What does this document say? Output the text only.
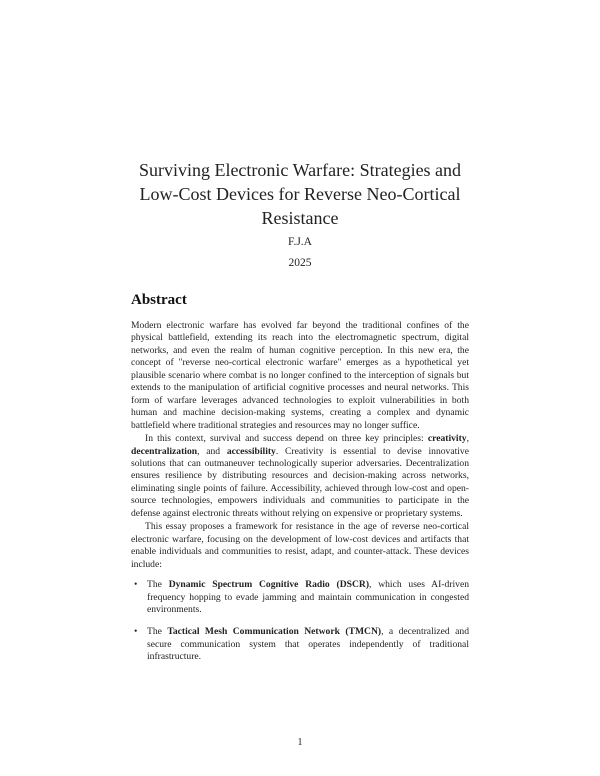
Surviving Electronic Warfare: Strategies and Low-Cost Devices for Reverse Neo-Cortical Resistance
F.J.A
2025
Abstract

Modern electronic warfare has evolved far beyond the traditional confines of the physical battlefield, extending its reach into the electromagnetic spectrum, digital networks, and even the realm of human cognitive perception. In this new era, the concept of "reverse neo-cortical electronic warfare" emerges as a hypothetical yet plausible scenario where combat is no longer confined to the interception of signals but extends to the manipulation of artificial cognitive processes and neural networks. This form of warfare leverages advanced technologies to exploit vulnerabilities in both human and machine decision-making systems, creating a complex and dynamic battlefield where traditional strategies and resources may no longer suffice.

In this context, survival and success depend on three key principles: creativity, decentralization, and accessibility. Creativity is essential to devise innovative solutions that can outmaneuver technologically superior adversaries. Decentralization ensures resilience by distributing resources and decision-making across networks, eliminating single points of failure. Accessibility, achieved through low-cost and open-source technologies, empowers individuals and communities to participate in the defense against electronic threats without relying on expensive or proprietary systems.

This essay proposes a framework for resistance in the age of reverse neo-cortical electronic warfare, focusing on the development of low-cost devices and artifacts that enable individuals and communities to resist, adapt, and counter-attack. These devices include:

• The Dynamic Spectrum Cognitive Radio (DSCR), which uses AI-driven frequency hopping to evade jamming and maintain communication in congested environments.
• The Tactical Mesh Communication Network (TMCN), a decentralized and secure communication system that operates independently of traditional infrastructure.
1
